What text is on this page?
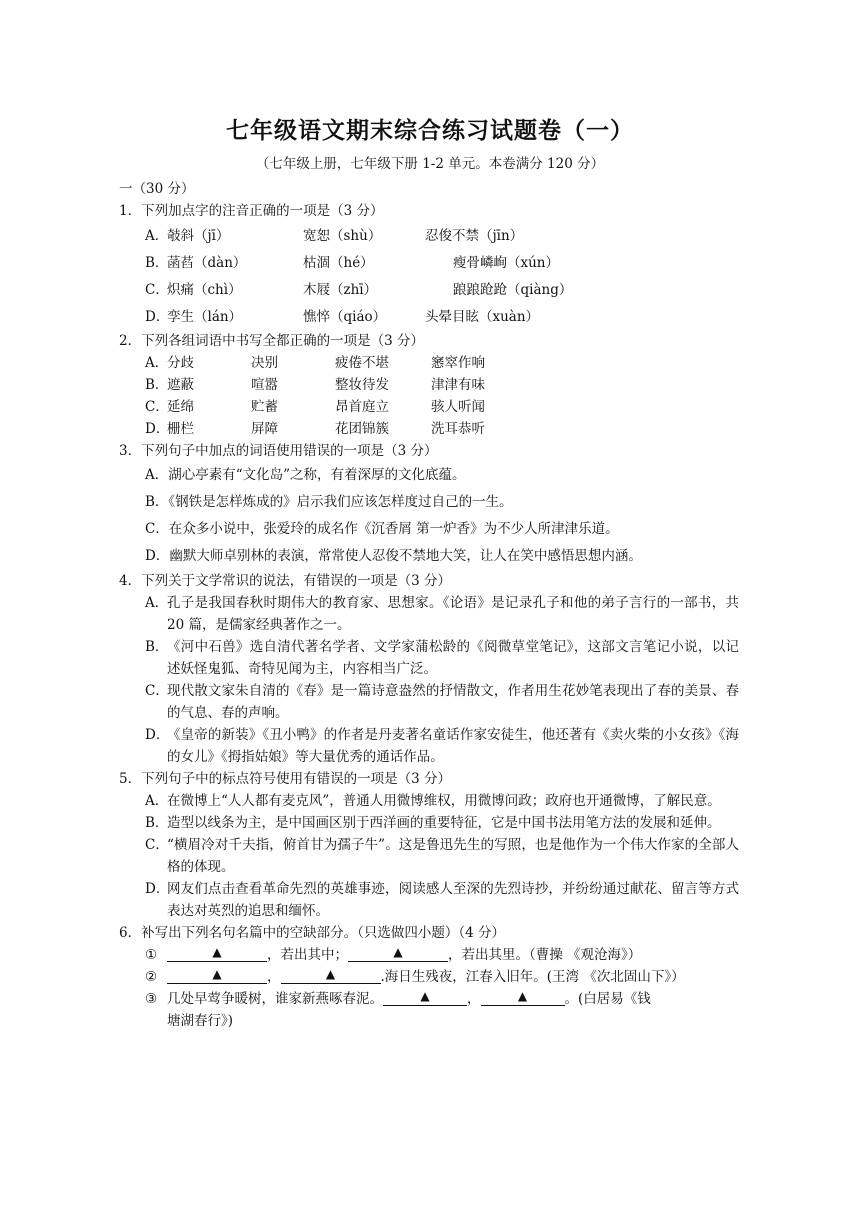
七年级语文期末综合练习试题卷（一）
（七年级上册，七年级下册 1-2 单元。本卷满分 120 分）
一（30 分）
1．下列加点字的注音正确的一项是（3 分）
A．
攲斜（jī）	宽恕（shù）	忍俊不禁（jīn）
B．
菡萏（dàn）	枯涸（hé）	瘦骨嶙峋（xún）
C．
炽痛（chì）	木屐（zhī）	踉踉跄跄（qiàng）
D．
孪生（lán）	憔悴（qiáo）	头晕目眩（xuàn）
2．下列各组词语中书写全都正确的一项是（3 分）
A．
分歧	决别	疲倦不堪	窸窣作响
B．
遮蔽	喧嚣	整妆待发	津津有味
C．
延绵	贮蓄	昂首庭立	骇人听闻
D．
栅栏	屏障	花团锦簇	洗耳恭听
3．下列句子中加点的词语使用错误的一项是（3 分）
A．湖心亭素有“文化岛”之称，有着深厚的文化底蕴。
B．《钢铁是怎样炼成的》启示我们应该怎样度过自己的一生。
C．在众多小说中，张爱玲的成名作《沉香屑 第一炉香》为不少人所津津乐道。
D．幽默大师卓别林的表演，常常使人忍俊不禁地大笑，让人在笑中感悟思想内涵。
4．下列关于文学常识的说法，有错误的一项是（3 分）
A．
孔子是我国春秋时期伟大的教育家、思想家。《论语》是记录孔子和他的弟子言行的一部书，共 20 篇，是儒家经典著作之一。
B．
《河中石兽》选自清代著名学者、文学家蒲松龄的《阅微草堂笔记》，这部文言笔记小说，以记述妖怪鬼狐、奇特见闻为主，内容相当广泛。
C．
现代散文家朱自清的《春》是一篇诗意盎然的抒情散文，作者用生花妙笔表现出了春的美景、春的气息、春的声响。
D．
《皇帝的新装》《丑小鸭》的作者是丹麦著名童话作家安徒生，他还著有《卖火柴的小女孩》《海的女儿》《拇指姑娘》等大量优秀的通话作品。
5．下列句子中的标点符号使用有错误的一项是（3 分）
A．
在微博上“人人都有麦克风”，普通人用微博维权，用微博问政；政府也开通微博，了解民意。
B．
造型以线条为主，是中国画区别于西洋画的重要特征，它是中国书法用笔方法的发展和延伸。
C．
“横眉冷对千夫指，俯首甘为孺子牛”。这是鲁迅先生的写照，也是他作为一个伟大作家的全部人格的体现。
D．
网友们点击查看革命先烈的英雄事迹，阅读感人至深的先烈诗抄，并纷纷通过献花、留言等方式表达对英烈的追思和缅怀。
6．补写出下列名句名篇中的空缺部分。（只选做四小题）（4 分）
①	▲	，若出其中；	▲	，若出其里。（曹操 《观沧海》）
②	▲	，	▲	.海日生残夜，江春入旧年。(王湾 《次北固山下》）
③ 几处早莺争暖树，谁家新燕啄春泥。	▲	，	▲	。(白居易《钱
塘湖春行》)
